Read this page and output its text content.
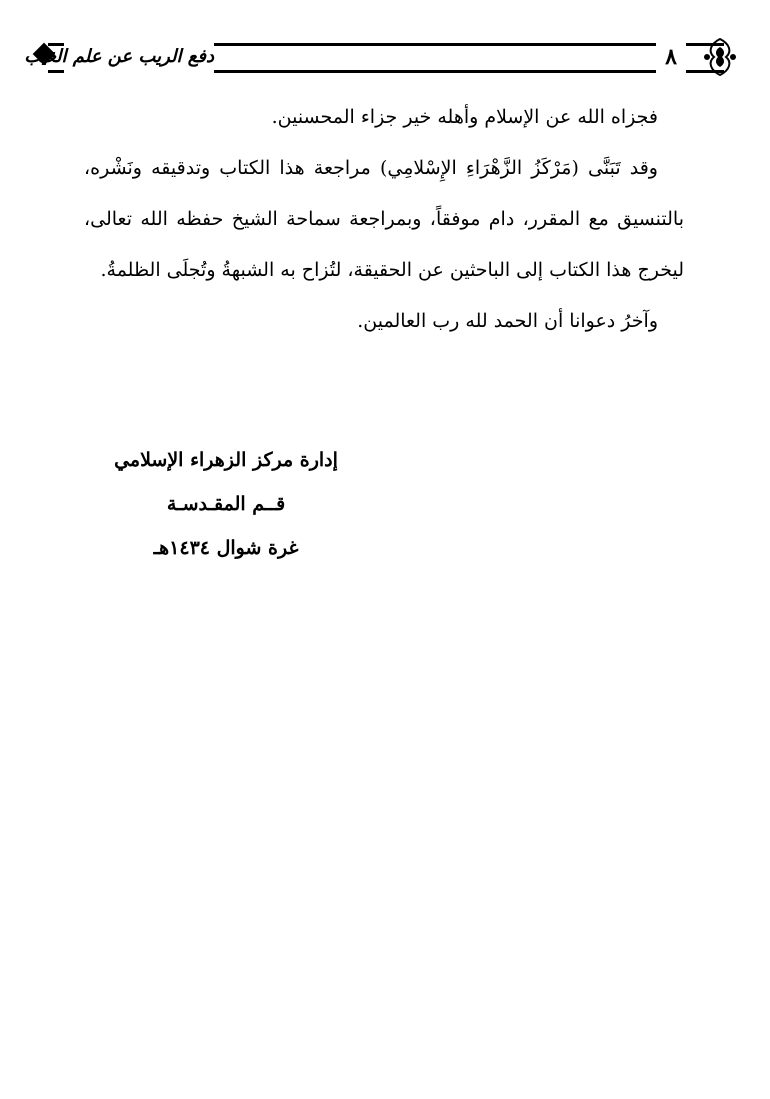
دفع الريب عن علم الغيب	٨

فجزاه الله عن الإسلام وأهله خير جزاء المحسنين.

وقد تَبَنَّى (مَرْكَزُ الزَّهْرَاءِ الإِسْلامِي) مراجعة هذا الكتاب وتدقيقه ونَشْره، بالتنسيق مع المقرر، دام موفقاً، وبمراجعة سماحة الشيخ حفظه الله تعالى، ليخرج هذا الكتاب إلى الباحثين عن الحقيقة، لتُزاح به الشبهةُ وتُجلَى الظلمةُ.

وآخرُ دعوانا أن الحمد لله رب العالمين.

إدارة مركز الزهراء الإسلامي
قــم المقـدسـة
غرة شوال ١٤٣٤هـ
